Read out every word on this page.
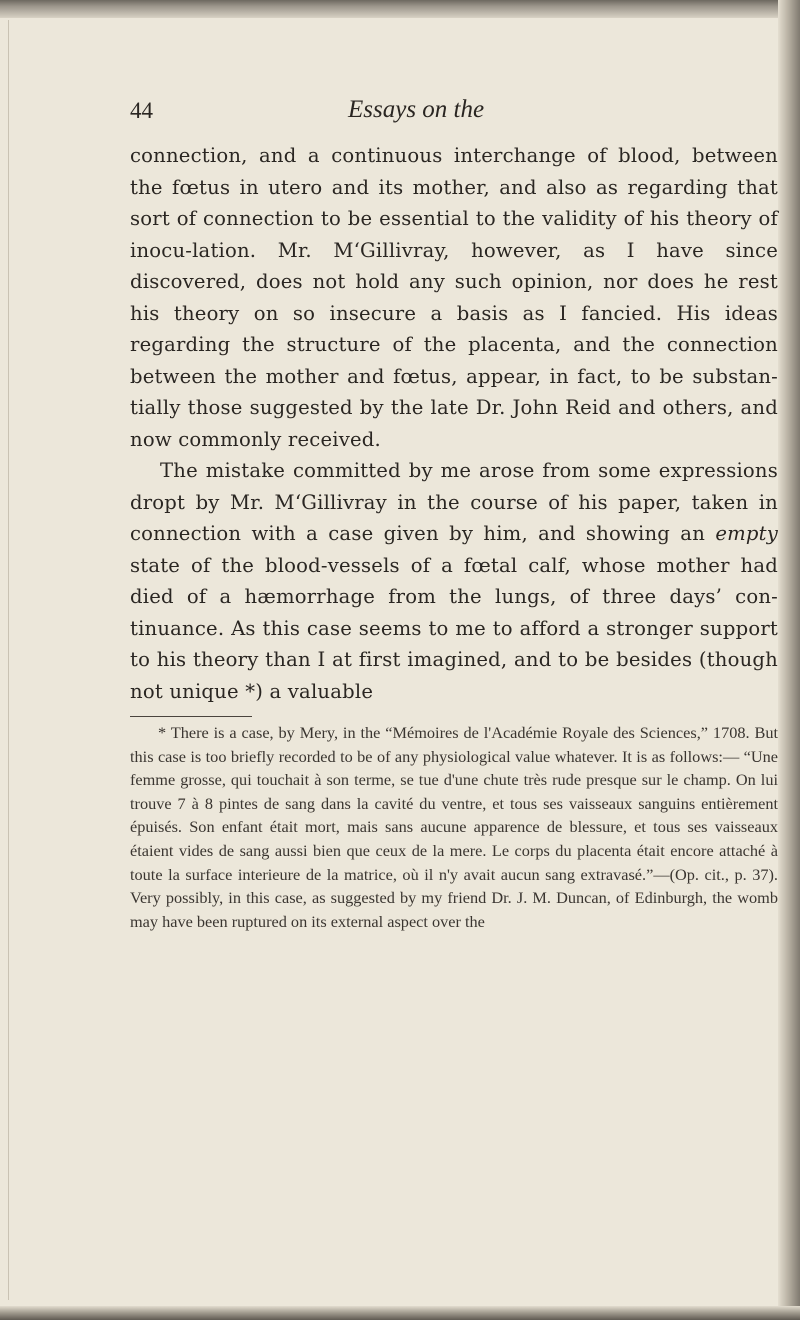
44	Essays on the

connection, and a continuous interchange of blood, between the fœtus in utero and its mother, and also as regarding that sort of connection to be essential to the validity of his theory of inocu-lation. Mr. M‘Gillivray, however, as I have since discovered, does not hold any such opinion, nor does he rest his theory on so insecure a basis as I fancied. His ideas regarding the structure of the placenta, and the connection between the mother and fœtus, appear, in fact, to be substan-tially those suggested by the late Dr. John Reid and others, and now commonly received.

The mistake committed by me arose from some expressions dropt by Mr. M‘Gillivray in the course of his paper, taken in connection with a case given by him, and showing an empty state of the blood-vessels of a fœtal calf, whose mother had died of a hæmorrhage from the lungs, of three days’ con-tinuance. As this case seems to me to afford a stronger support to his theory than I at first imagined, and to be besides (though not unique *) a valuable

* There is a case, by Mery, in the “Mémoires de l'Académie Royale des Sciences,” 1708. But this case is too briefly recorded to be of any physiological value whatever. It is as follows:— “Une femme grosse, qui touchait à son terme, se tue d'une chute très rude presque sur le champ. On lui trouve 7 à 8 pintes de sang dans la cavité du ventre, et tous ses vaisseaux sanguins entièrement épuisés. Son enfant était mort, mais sans aucune apparence de blessure, et tous ses vaisseaux étaient vides de sang aussi bien que ceux de la mere. Le corps du placenta était encore attaché à toute la surface interieure de la matrice, où il n'y avait aucun sang extravasé.”—(Op. cit., p. 37). Very possibly, in this case, as suggested by my friend Dr. J. M. Duncan, of Edinburgh, the womb may have been ruptured on its external aspect over the
